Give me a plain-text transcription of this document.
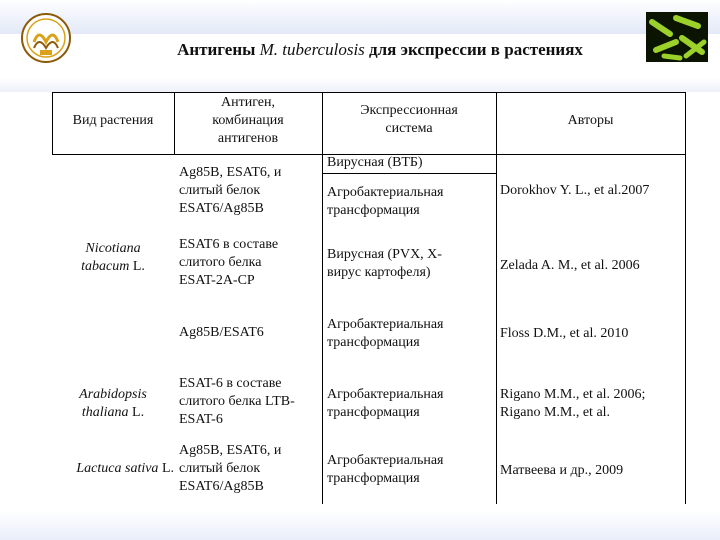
Антигены M. tuberculosis для экспрессии в растениях
Вид растения
Антиген,
комбинация
антигенов
Экспрессионная
система
Авторы
Nicotiana
tabacum L.
Arabidopsis
thaliana L.
Lactuca sativa L.
Ag85B, ESAT6, и
слитый белок
ESAT6/Ag85B
Вирусная (ВТБ)
Агробактериальная
трансформация
Dorokhov Y. L., et al.2007
ESAT6 в составе
слитого белка
ESAT-2A-CP
Вирусная (PVX, X-
вирус картофеля)	Zelada A. M., et al. 2006
Ag85B/ESAT6
Агробактериальная
трансформация
Floss D.M., et al. 2010
ESAT-6 в составе
слитого белка LTB-
ESAT-6
Агробактериальная
трансформация
Rigano M.M., et al. 2006;
Rigano M.M., et al.
Ag85B, ESAT6, и
слитый белок
ESAT6/Ag85B
Агробактериальная
трансформация
Матвеева и др., 2009
